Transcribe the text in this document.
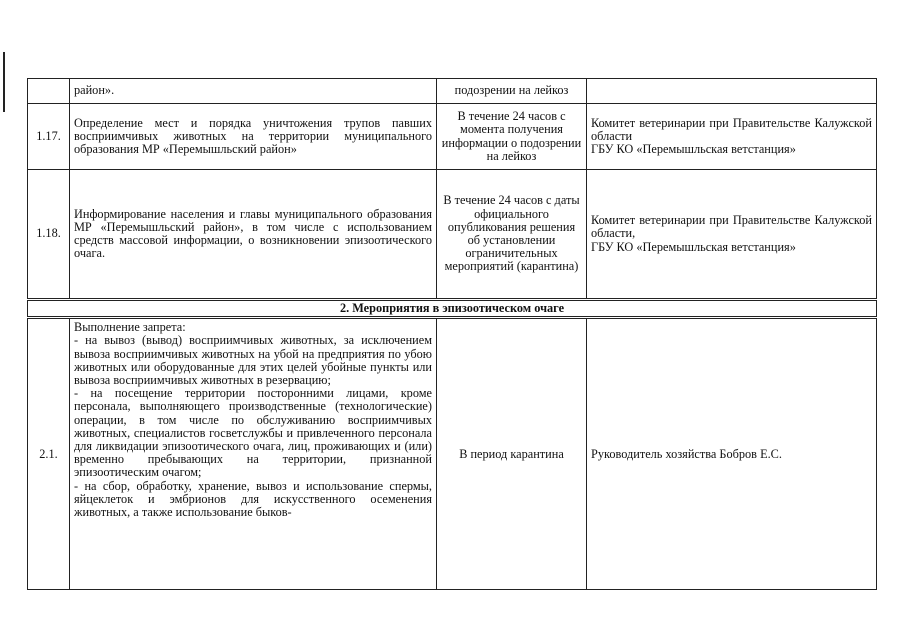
	район».	подозрении на лейкоз	
1.17.	Определение мест и порядка уничтожения трупов павших восприимчивых животных на территории муниципального образования МР «Перемышльский район»	В течение 24 часов с момента получения информации о подозрении на лейкоз	Комитет ветеринарии при Правительстве Калужской области
ГБУ КО «Перемышльская ветстанция»

1.18.	Информирование населения и главы муниципального образования МР «Перемышльский район», в том числе с использованием средств массовой информации, о возникновении эпизоотического очага.	В течение 24 часов с даты официального опубликования решения об установлении ограничительных мероприятий (карантина)	Комитет ветеринарии при Правительстве Калужской области,
ГБУ КО «Перемышльская ветстанция»

2. Мероприятия в эпизоотическом очаге			
2.1.	Выполнение запрета:
- на вывоз (вывод) восприимчивых животных, за исключением вывоза восприимчивых животных на убой на предприятия по убою животных или оборудованные для этих целей убойные пункты или вывоза восприимчивых животных в резервацию;
- на посещение территории посторонними лицами, кроме персонала, выполняющего производственные (технологические) операции, в том числе по обслуживанию восприимчивых животных, специалистов госветслужбы и привлеченного персонала для ликвидации эпизоотического очага, лиц, проживающих и (или) временно пребывающих на территории, признанной эпизоотическим очагом;
- на сбор, обработку, хранение, вывоз и использование спермы, яйцеклеток и эмбрионов для искусственного осеменения животных, а также использование быков-	В период карантина	Руководитель хозяйства Бобров Е.С.
